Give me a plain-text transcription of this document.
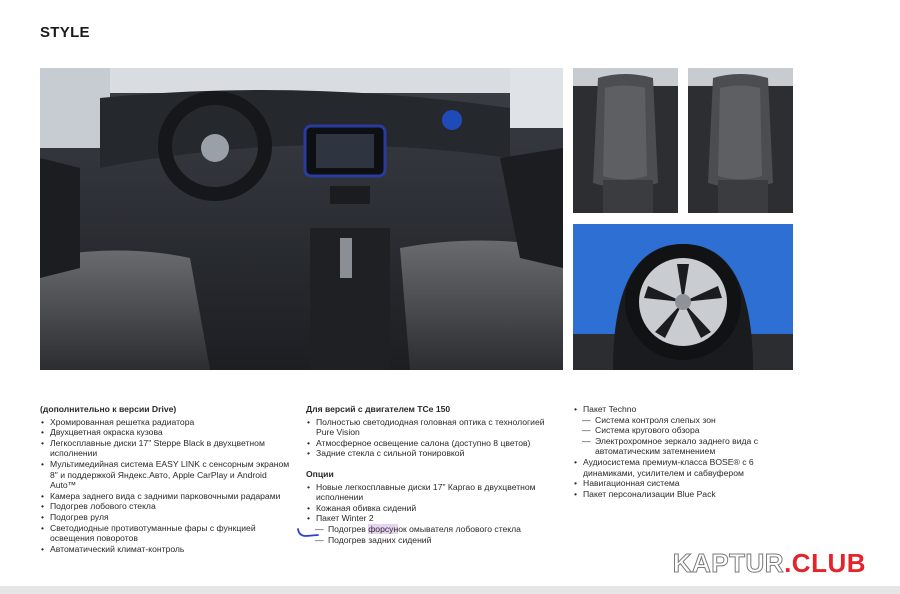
STYLE
(дополнительно к версии Drive)
• Хромированная решетка радиатора
• Двухцветная окраска кузова
• Легкосплавные диски 17" Steppe Black в двухцветном исполнении
• Мультимедийная система EASY LINK с сенсорным экраном 8" и поддержкой Яндекс.Авто, Apple CarPlay и Android Auto™
• Камера заднего вида с задними парковочными радарами
• Подогрев лобового стекла
• Подогрев руля
• Светодиодные противотуманные фары с функцией освещения поворотов
• Автоматический климат-контроль
Для версий с двигателем TCe 150
• Полностью светодиодная головная оптика с технологией Pure Vision
• Атмосферное освещение салона (доступно 8 цветов)
• Задние стекла с сильной тонировкой
Опции
• Новые легкосплавные диски 17" Каргао в двухцветном исполнении
• Кожаная обивка сидений
• Пакет Winter 2
— Подогрев форсунок омывателя лобового стекла
— Подогрев задних сидений
• Пакет Techno
— Система контроля слепых зон
— Система кругового обзора
— Электрохромное зеркало заднего вида с автоматическим затемнением
• Аудиосистема премиум-класса BOSE® с 6 динамиками, усилителем и сабвуфером
• Навигационная система
• Пакет персонализации Blue Pack
KAPTUR.CLUB
